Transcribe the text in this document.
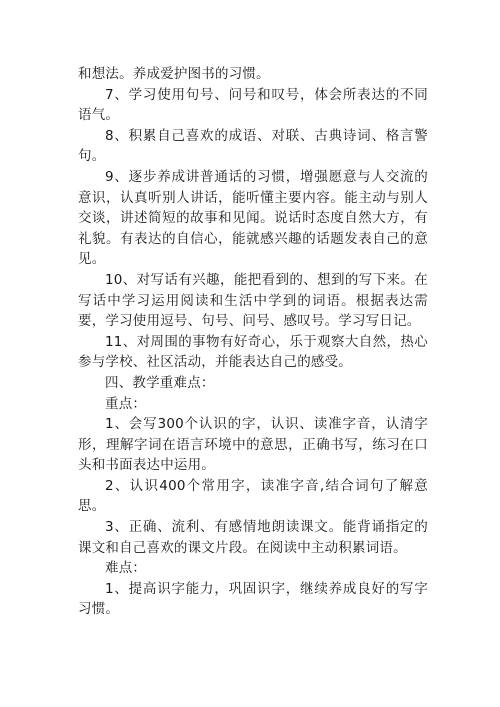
和想法。养成爱护图书的习惯。

7、学习使用句号、问号和叹号，体会所表达的不同语气。

8、积累自己喜欢的成语、对联、古典诗词、格言警句。

9、逐步养成讲普通话的习惯，增强愿意与人交流的意识，认真听别人讲话，能听懂主要内容。能主动与别人交谈，讲述简短的故事和见闻。说话时态度自然大方，有礼貌。有表达的自信心，能就感兴趣的话题发表自己的意见。

10、对写话有兴趣，能把看到的、想到的写下来。在写话中学习运用阅读和生活中学到的词语。根据表达需要，学习使用逗号、句号、问号、感叹号。学习写日记。

11、对周围的事物有好奇心，乐于观察大自然，热心参与学校、社区活动，并能表达自己的感受。

四、教学重难点：

重点：

1、会写300个认识的字，认识、读准字音，认清字形，理解字词在语言环境中的意思，正确书写，练习在口头和书面表达中运用。

2、认识400个常用字，读准字音,结合词句了解意思。

3、正确、流利、有感情地朗读课文。能背诵指定的课文和自己喜欢的课文片段。在阅读中主动积累词语。

难点：

1、提高识字能力，巩固识字，继续养成良好的写字习惯。
